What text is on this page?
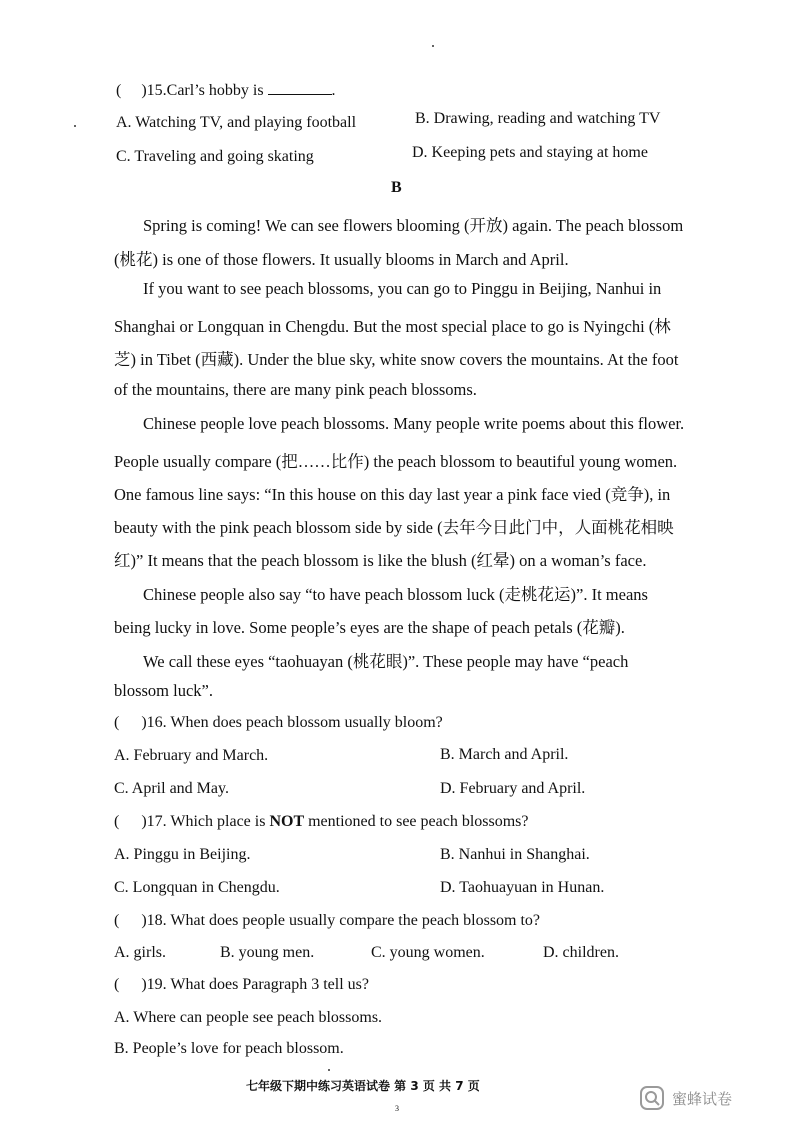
( )15.Carl’s hobby is	.
A. Watching TV, and playing football	B. Drawing, reading and watching TV
C. Traveling and going skating	D. Keeping pets and staying at home
B
Spring is coming! We can see flowers blooming (开放) again. The peach blossom
(桃花) is one of those flowers. It usually blooms in March and April.
If you want to see peach blossoms, you can go to Pinggu in Beijing, Nanhui in
Shanghai or Longquan in Chengdu. But the most special place to go is Nyingchi (林
芝) in Tibet (西藏). Under the blue sky, white snow covers the mountains. At the foot
of the mountains, there are many pink peach blossoms.
Chinese people love peach blossoms. Many people write poems about this flower.
People usually compare (把……比作) the peach blossom to beautiful young women.
One famous line says: “In this house on this day last year a pink face vied (竞争), in
beauty with the pink peach blossom side by side (去年今日此门中，人面桃花相映
红)” It means that the peach blossom is like the blush (红晕) on a woman’s face.
Chinese people also say “to have peach blossom luck (走桃花运)”. It means
being lucky in love. Some people’s eyes are the shape of peach petals (花瓣).
We call these eyes “taohuayan (桃花眼)”. These people may have “peach
blossom luck”.
( )16. When does peach blossom usually bloom?
A. February and March.	B. March and April.
C. April and May.	D. February and April.
( )17. Which place is NOT mentioned to see peach blossoms?
A. Pinggu in Beijing.	B. Nanhui in Shanghai.
C. Longquan in Chengdu.	D. Taohuayuan in Hunan.
( )18. What does people usually compare the peach blossom to?
A. girls.	B. young men.	C. young women.	D. children.
( )19. What does Paragraph 3 tell us?
A. Where can people see peach blossoms.
B. People’s love for peach blossom.
七年级下期中练习英语试卷 第 3 页 共 7 页
3
蜜蜂试卷
